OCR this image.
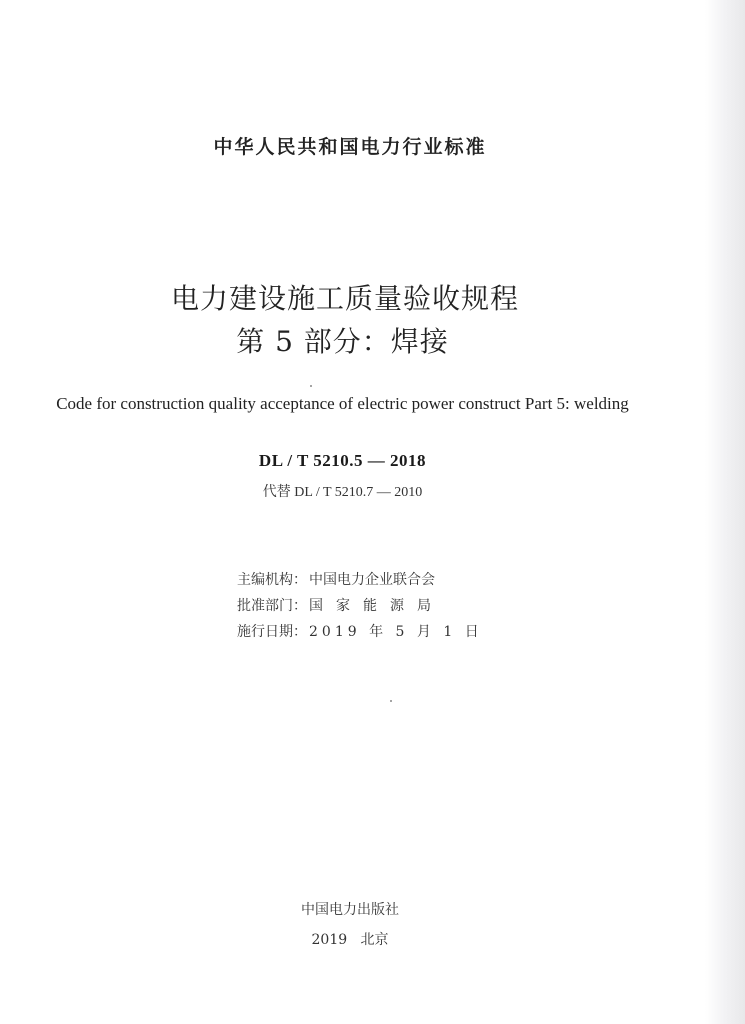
中华人民共和国电力行业标准
电力建设施工质量验收规程
第 5 部分：焊接
Code for construction quality acceptance of electric power construct Part 5: welding
DL / T 5210.5 — 2018
代替 DL / T 5210.7 — 2010
主编机构： 中国电力企业联合会
批准部门： 国家能源局
施行日期： 2019 年 5 月 1 日
中国电力出版社
2019   北京
